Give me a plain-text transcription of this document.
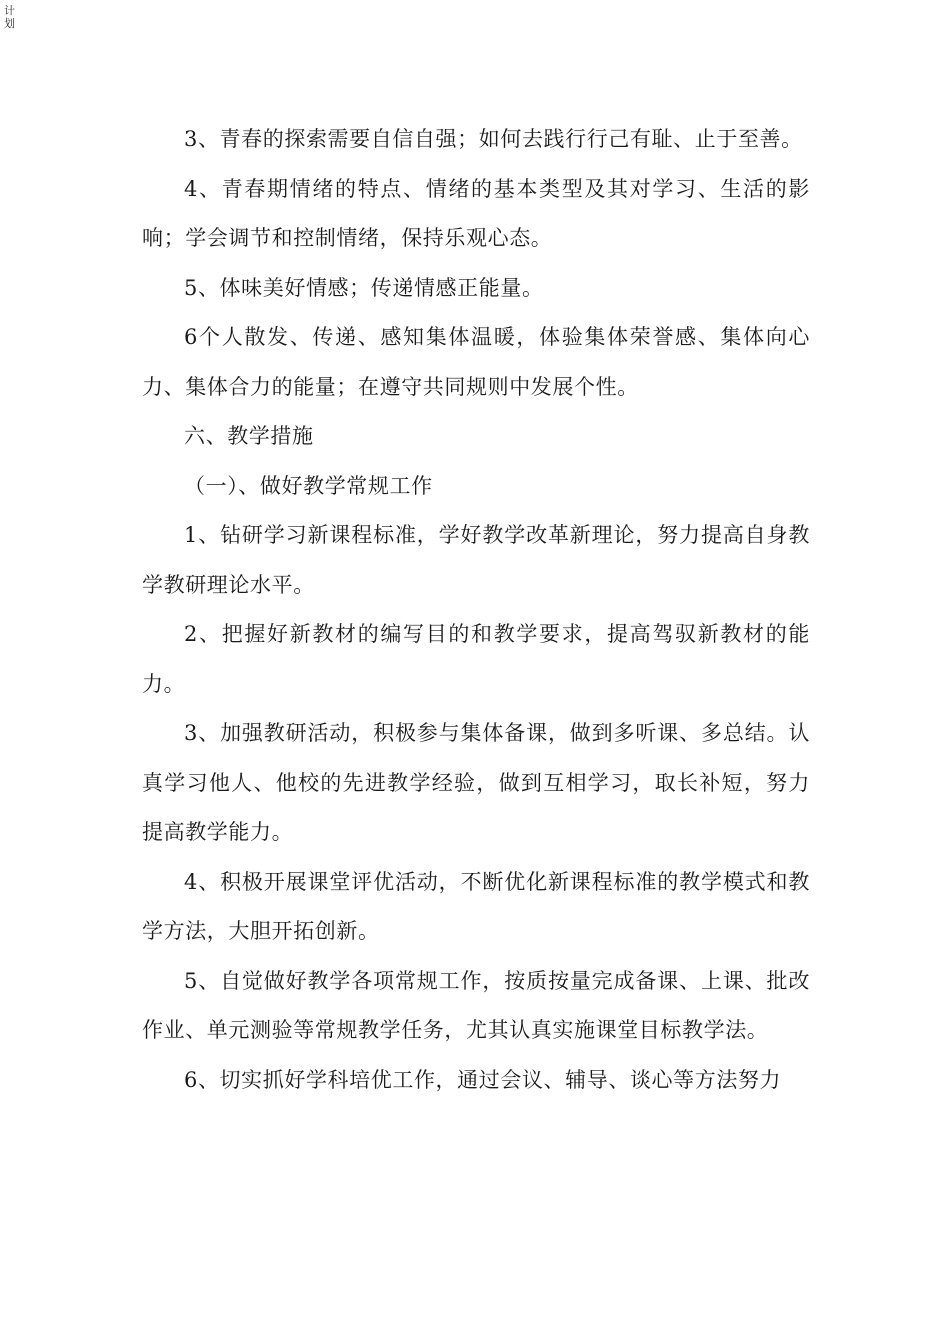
计划

3、青春的探索需要自信自强；如何去践行行己有耻、止于至善。

4、青春期情绪的特点、情绪的基本类型及其对学习、生活的影响；学会调节和控制情绪，保持乐观心态。

5、体味美好情感；传递情感正能量。

6个人散发、传递、感知集体温暖，体验集体荣誉感、集体向心力、集体合力的能量；在遵守共同规则中发展个性。

六、教学措施

（一）、做好教学常规工作

1、钻研学习新课程标准，学好教学改革新理论，努力提高自身教学教研理论水平。

2、把握好新教材的编写目的和教学要求，提高驾驭新教材的能力。

3、加强教研活动，积极参与集体备课，做到多听课、多总结。认真学习他人、他校的先进教学经验，做到互相学习，取长补短，努力提高教学能力。

4、积极开展课堂评优活动，不断优化新课程标准的教学模式和教学方法，大胆开拓创新。

5、自觉做好教学各项常规工作，按质按量完成备课、上课、批改作业、单元测验等常规教学任务，尤其认真实施课堂目标教学法。

6、切实抓好学科培优工作，通过会议、辅导、谈心等方法努力
